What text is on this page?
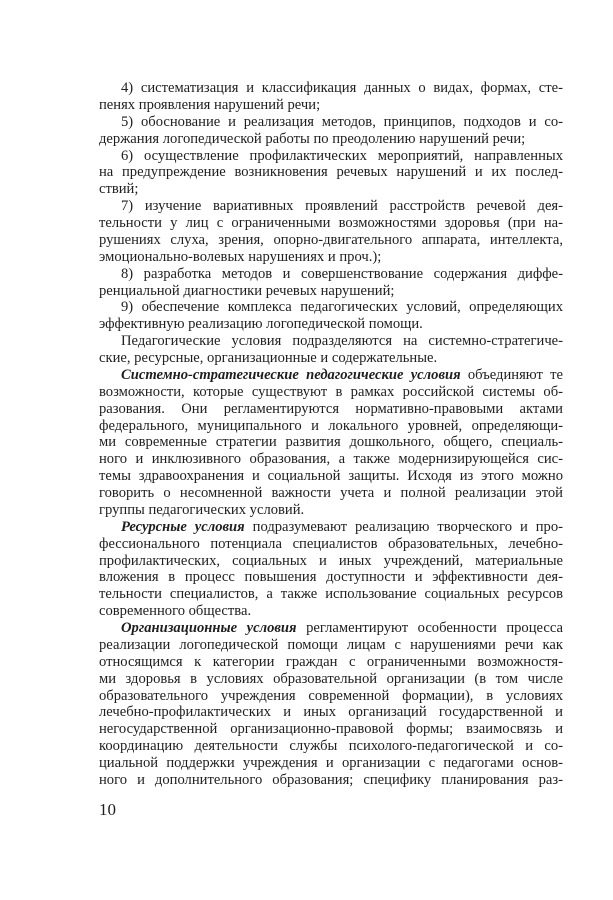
4) систематизация и классификация данных о видах, формах, сте-
пенях проявления нарушений речи;
5) обоснование и реализация методов, принципов, подходов и со-
держания логопедической работы по преодолению нарушений речи;
6) осуществление профилактических мероприятий, направленных
на предупреждение возникновения речевых нарушений и их послед-
ствий;
7) изучение вариативных проявлений расстройств речевой дея-
тельности у лиц с ограниченными возможностями здоровья (при на-
рушениях слуха, зрения, опорно-двигательного аппарата, интеллекта,
эмоционально-волевых нарушениях и проч.);
8) разработка методов и совершенствование содержания диффе-
ренциальной диагностики речевых нарушений;
9) обеспечение комплекса педагогических условий, определяющих
эффективную реализацию логопедической помощи.
Педагогические условия подразделяются на системно-стратегиче-
ские, ресурсные, организационные и содержательные.
Системно-стратегические педагогические условия объединяют те
возможности, которые существуют в рамках российской системы об-
разования. Они регламентируются нормативно-правовыми актами
федерального, муниципального и локального уровней, определяющи-
ми современные стратегии развития дошкольного, общего, специаль-
ного и инклюзивного образования, а также модернизирующейся сис-
темы здравоохранения и социальной защиты. Исходя из этого можно
говорить о несомненной важности учета и полной реализации этой
группы педагогических условий.
Ресурсные условия подразумевают реализацию творческого и про-
фессионального потенциала специалистов образовательных, лечебно-
профилактических, социальных и иных учреждений, материальные
вложения в процесс повышения доступности и эффективности дея-
тельности специалистов, а также использование социальных ресурсов
современного общества.
Организационные условия регламентируют особенности процесса
реализации логопедической помощи лицам с нарушениями речи как
относящимся к категории граждан с ограниченными возможностя-
ми здоровья в условиях образовательной организации (в том числе
образовательного учреждения современной формации), в условиях
лечебно-профилактических и иных организаций государственной и
негосударственной организационно-правовой формы; взаимосвязь и
координацию деятельности службы психолого-педагогической и со-
циальной поддержки учреждения и организации с педагогами основ-
ного и дополнительного образования; специфику планирования раз-
10
